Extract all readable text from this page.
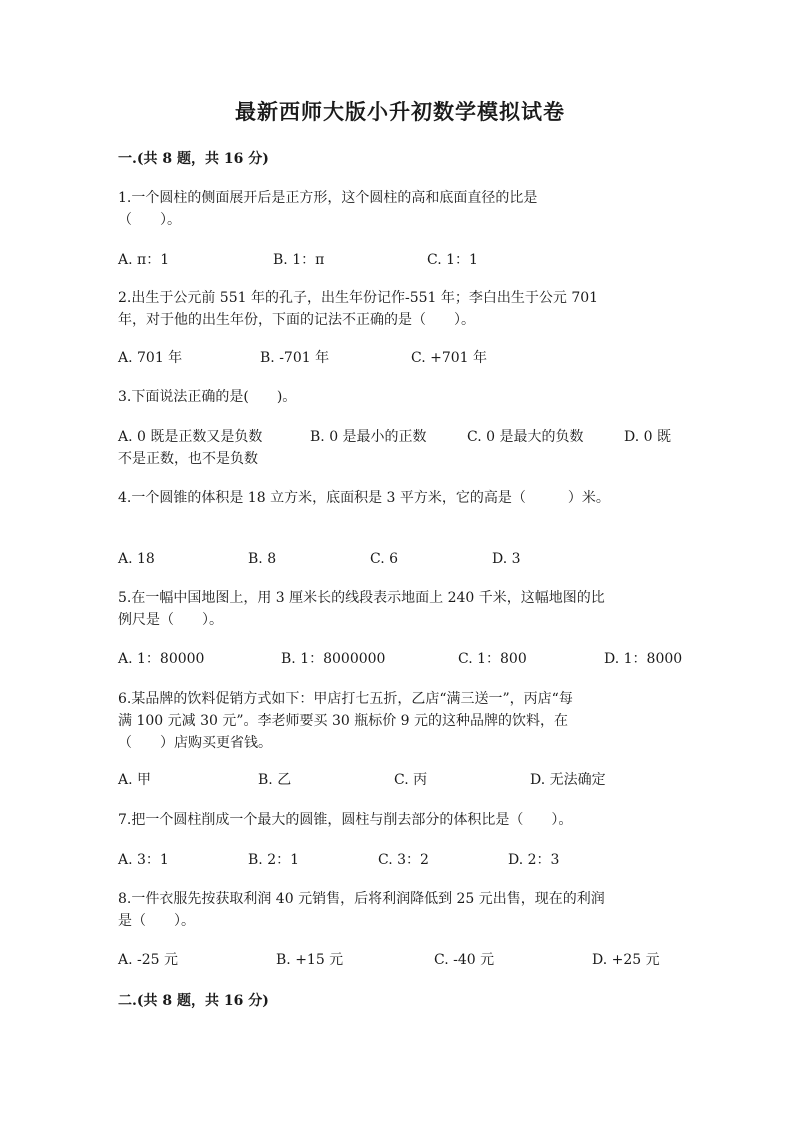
最新西师大版小升初数学模拟试卷
一.(共 8 题，共 16 分)
1.一个圆柱的侧面展开后是正方形，这个圆柱的高和底面直径的比是
（　　）。
A. π：1	B. 1：π	C. 1：1
2.出生于公元前 551 年的孔子，出生年份记作-551 年；李白出生于公元 701
年，对于他的出生年份，下面的记法不正确的是（　　）。
A. 701 年	B. -701 年	C. +701 年
3.下面说法正确的是(　　)。
A. 0 既是正数又是负数	B. 0 是最小的正数	C. 0 是最大的负数	D. 0 既
不是正数，也不是负数
4.一个圆锥的体积是 18 立方米，底面积是 3 平方米，它的高是（　　　）米。
A. 18	B. 8	C. 6	D. 3
5.在一幅中国地图上，用 3 厘米长的线段表示地面上 240 千米，这幅地图的比
例尺是（　　）。
A. 1：80000	B. 1：8000000	C. 1：800	D. 1：8000
6.某品牌的饮料促销方式如下：甲店打七五折，乙店“满三送一”，丙店“每
满 100 元减 30 元”。李老师要买 30 瓶标价 9 元的这种品牌的饮料，在
（　　）店购买更省钱。
A. 甲	B. 乙	C. 丙	D. 无法确定
7.把一个圆柱削成一个最大的圆锥，圆柱与削去部分的体积比是（　　）。
A. 3：1	B. 2：1	C. 3：2	D. 2：3
8.一件衣服先按获取利润 40 元销售，后将利润降低到 25 元出售，现在的利润
是（　　）。
A. -25 元	B. +15 元	C. -40 元	D. +25 元
二.(共 8 题，共 16 分)
